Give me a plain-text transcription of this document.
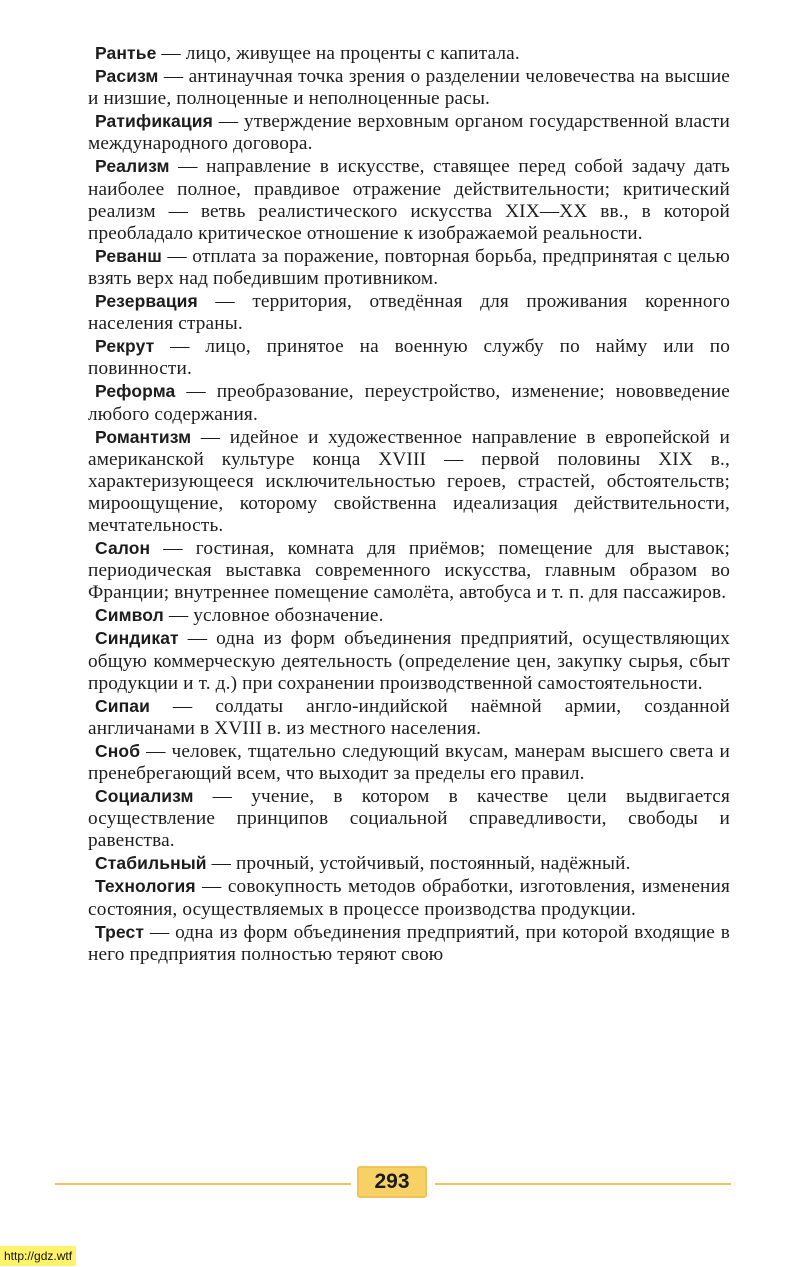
Рантье — лицо, живущее на проценты с капитала.

Расизм — антинаучная точка зрения о разделении человечества на высшие и низшие, полноценные и неполноценные расы.

Ратификация — утверждение верховным органом государственной власти международного договора.

Реализм — направление в искусстве, ставящее перед собой задачу дать наиболее полное, правдивое отражение действительности; критический реализм — ветвь реалистического искусства XIX—XX вв., в которой преобладало критическое отношение к изображаемой реальности.

Реванш — отплата за поражение, повторная борьба, предпринятая с целью взять верх над победившим противником.

Резервация — территория, отведённая для проживания коренного населения страны.

Рекрут — лицо, принятое на военную службу по найму или по повинности.

Реформа — преобразование, переустройство, изменение; нововведение любого содержания.

Романтизм — идейное и художественное направление в европейской и американской культуре конца XVIII — первой половины XIX в., характеризующееся исключительностью героев, страстей, обстоятельств; мироощущение, которому свойственна идеализация действительности, мечтательность.

Салон — гостиная, комната для приёмов; помещение для выставок; периодическая выставка современного искусства, главным образом во Франции; внутреннее помещение самолёта, автобуса и т. п. для пассажиров.

Символ — условное обозначение.

Синдикат — одна из форм объединения предприятий, осуществляющих общую коммерческую деятельность (определение цен, закупку сырья, сбыт продукции и т. д.) при сохранении производственной самостоятельности.

Сипаи — солдаты англо-индийской наёмной армии, созданной англичанами в XVIII в. из местного населения.

Сноб — человек, тщательно следующий вкусам, манерам высшего света и пренебрегающий всем, что выходит за пределы его правил.

Социализм — учение, в котором в качестве цели выдвигается осуществление принципов социальной справедливости, свободы и равенства.

Стабильный — прочный, устойчивый, постоянный, надёжный.

Технология — совокупность методов обработки, изготовления, изменения состояния, осуществляемых в процессе производства продукции.

Трест — одна из форм объединения предприятий, при которой входящие в него предприятия полностью теряют свою

293
http://gdz.wtf
